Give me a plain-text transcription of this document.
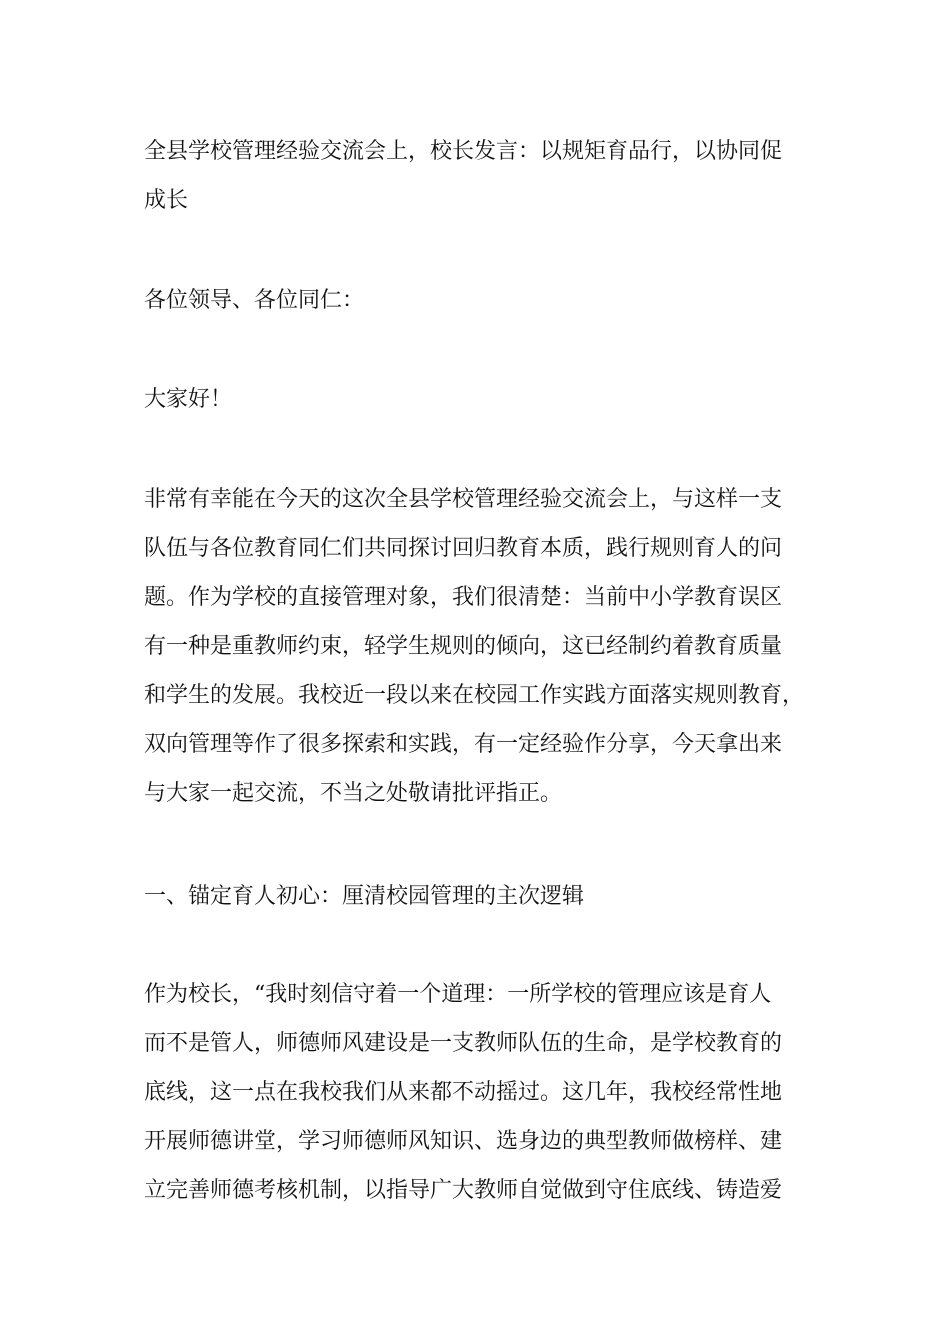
全县学校管理经验交流会上，校长发言：以规矩育品行，以协同促
成长

各位领导、各位同仁：

大家好！

非常有幸能在今天的这次全县学校管理经验交流会上，与这样一支
队伍与各位教育同仁们共同探讨回归教育本质，践行规则育人的问
题。作为学校的直接管理对象，我们很清楚：当前中小学教育误区
有一种是重教师约束，轻学生规则的倾向，这已经制约着教育质量
和学生的发展。我校近一段以来在校园工作实践方面落实规则教育，
双向管理等作了很多探索和实践，有一定经验作分享，今天拿出来
与大家一起交流，不当之处敬请批评指正。

一、锚定育人初心：厘清校园管理的主次逻辑

作为校长，“我时刻信守着一个道理：一所学校的管理应该是育人
而不是管人，师德师风建设是一支教师队伍的生命，是学校教育的
底线，这一点在我校我们从来都不动摇过。这几年，我校经常性地
开展师德讲堂，学习师德师风知识、选身边的典型教师做榜样、建
立完善师德考核机制，以指导广大教师自觉做到守住底线、铸造爱
